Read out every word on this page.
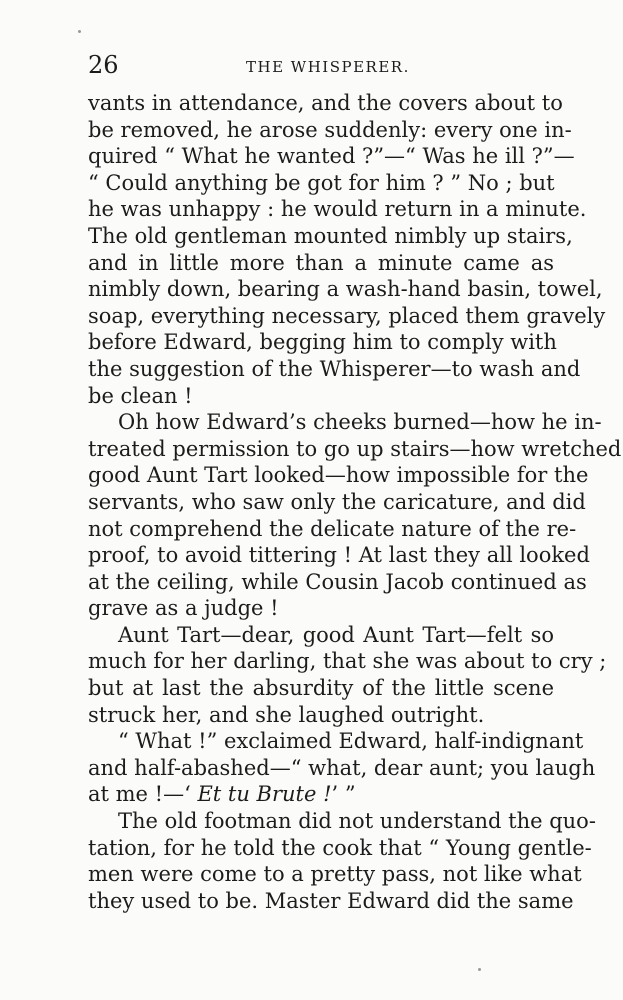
26	THE WHISPERER.
vants in attendance, and the covers about to
be removed, he arose suddenly: every one in-
quired “ What he wanted ?”—“ Was he ill ?”—
“ Could anything be got for him ? ” No ; but
he was unhappy : he would return in a minute.
The old gentleman mounted nimbly up stairs,
and in little more than a minute came as
nimbly down, bearing a wash-hand basin, towel,
soap, everything necessary, placed them gravely
before Edward, begging him to comply with
the suggestion of the Whisperer—to wash and
be clean !
Oh how Edward’s cheeks burned—how he in-
treated permission to go up stairs—how wretched
good Aunt Tart looked—how impossible for the
servants, who saw only the caricature, and did
not comprehend the delicate nature of the re-
proof, to avoid tittering ! At last they all looked
at the ceiling, while Cousin Jacob continued as
grave as a judge !
Aunt Tart—dear, good Aunt Tart—felt so
much for her darling, that she was about to cry ;
but at last the absurdity of the little scene
struck her, and she laughed outright.
“ What !” exclaimed Edward, half-indignant
and half-abashed—“ what, dear aunt; you laugh
at me !—‘ Et tu Brute !’ ”
The old footman did not understand the quo-
tation, for he told the cook that “ Young gentle-
men were come to a pretty pass, not like what
they used to be. Master Edward did the same
